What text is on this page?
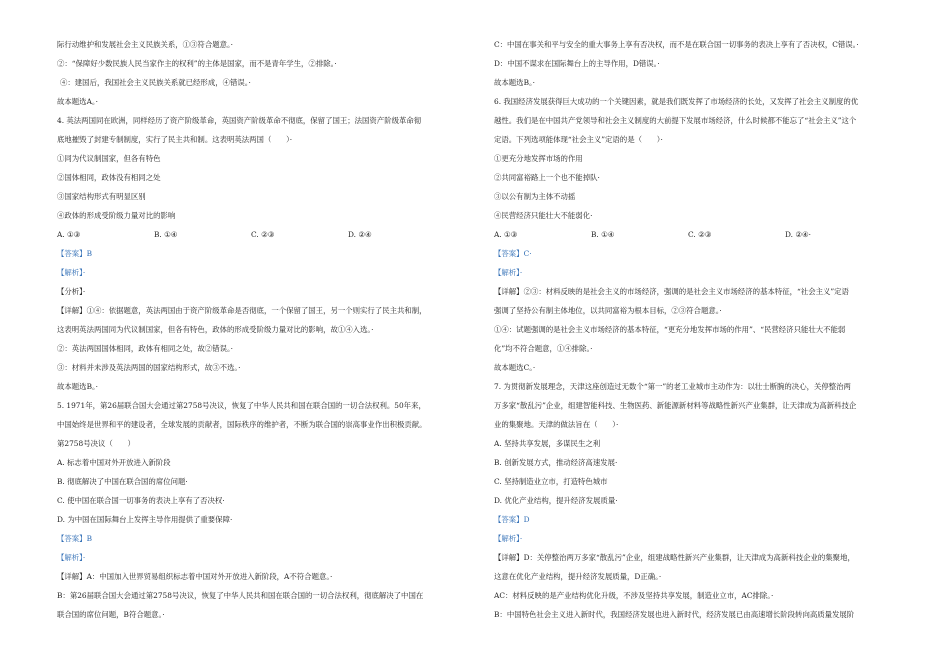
际行动维护和发展社会主义民族关系，①③符合题意。·
②：“保障好少数民族人民当家作主的权利”的主体是国家，而不是青年学生，②排除。·
④：建国后，我国社会主义民族关系就已经形成，④错误。·
故本题选A。·
4. 英法两国同在欧洲，同样经历了资产阶级革命，英国资产阶级革命不彻底，保留了国王；法国资产阶级革命彻
底地摧毁了封建专制制度，实行了民主共和制。这表明英法两国（　　）·
①同为代议制国家，但各有特色
②国体相同，政体没有相同之处
③国家结构形式有明显区别
④政体的形成受阶级力量对比的影响
A. ①③	B. ①④	C. ②③	D. ②④
【答案】B
【解析】·
【分析】·
【详解】①④：依据题意，英法两国由于资产阶级革命是否彻底，一个保留了国王，另一个则实行了民主共和制，
这表明英法两国同为代议制国家，但各有特色，政体的形成受阶级力量对比的影响，故①④入选。·
②：英法两国国体相同，政体有相同之处，故②错误。·
③：材料并未涉及英法两国的国家结构形式，故③不选。·
故本题选B。·
5. 1971年，第26届联合国大会通过第2758号决议，恢复了中华人民共和国在联合国的一切合法权利。50年来，
中国始终是世界和平的建设者，全球发展的贡献者，国际秩序的维护者，不断为联合国的崇高事业作出积极贡献。
第2758号决议（　　）
A. 标志着中国对外开放进入新阶段
B. 彻底解决了中国在联合国的席位问题·
C. 使中国在联合国一切事务的表决上享有了否决权·
D. 为中国在国际舞台上发挥主导作用提供了重要保障·
【答案】B
【解析】·
【详解】A：中国加入世界贸易组织标志着中国对外开放进入新阶段，A不符合题意。·
B：第26届联合国大会通过第2758号决议，恢复了中华人民共和国在联合国的一切合法权利，彻底解决了中国在
联合国的席位问题，B符合题意。·
C：中国在事关和平与安全的重大事务上享有否决权，而不是在联合国一切事务的表决上享有了否决权，C错误。·
D：中国不谋求在国际舞台上的主导作用，D错误。·
故本题选B。·
6. 我国经济发展获得巨大成功的一个关键因素，就是我们既发挥了市场经济的长处，又发挥了社会主义制度的优
越性。我们是在中国共产党领导和社会主义制度的大前提下发展市场经济，什么时候都不能忘了“社会主义”这个
定语。下列选项能体现“社会主义”定语的是（　　）·
①更充分地发挥市场的作用
②共同富裕路上一个也不能掉队·
③以公有制为主体不动摇
④民营经济只能壮大不能弱化·
A. ①③	B. ①④	C. ②③	D. ②④·
【答案】C·
【解析】·
【详解】②③：材料反映的是社会主义的市场经济，强调的是社会主义市场经济的基本特征，“社会主义”定语
强调了坚持公有制主体地位，以共同富裕为根本目标，②③符合题意。·
①④：试题强调的是社会主义市场经济的基本特征，“更充分地发挥市场的作用”、“民营经济只能壮大不能弱
化”均不符合题意，①④排除。·
故本题选C。·
7. 为贯彻新发展理念，天津这座创造过无数个“第一”的老工业城市主动作为：以壮士断腕的决心，关停整治两
万多家“散乱污”企业，组建智能科技、生物医药、新能源新材料等战略性新兴产业集群，让天津成为高新科技企
业的集聚地。天津的做法旨在（　　）·
A. 坚持共享发展，多谋民生之利
B. 创新发展方式，推动经济高速发展·
C. 坚持制造业立市，打造特色城市
D. 优化产业结构，提升经济发展质量·
【答案】D
【解析】·
【详解】D：关停整治两万多家“散乱污”企业，组建战略性新兴产业集群，让天津成为高新科技企业的集聚地，
这意在优化产业结构，提升经济发展质量，D正确。·
AC：材料反映的是产业结构优化升级，不涉及坚持共享发展，制造业立市，AC排除。·
B：中国特色社会主义进入新时代，我国经济发展也进入新时代，经济发展已由高速增长阶段转向高质量发展阶
